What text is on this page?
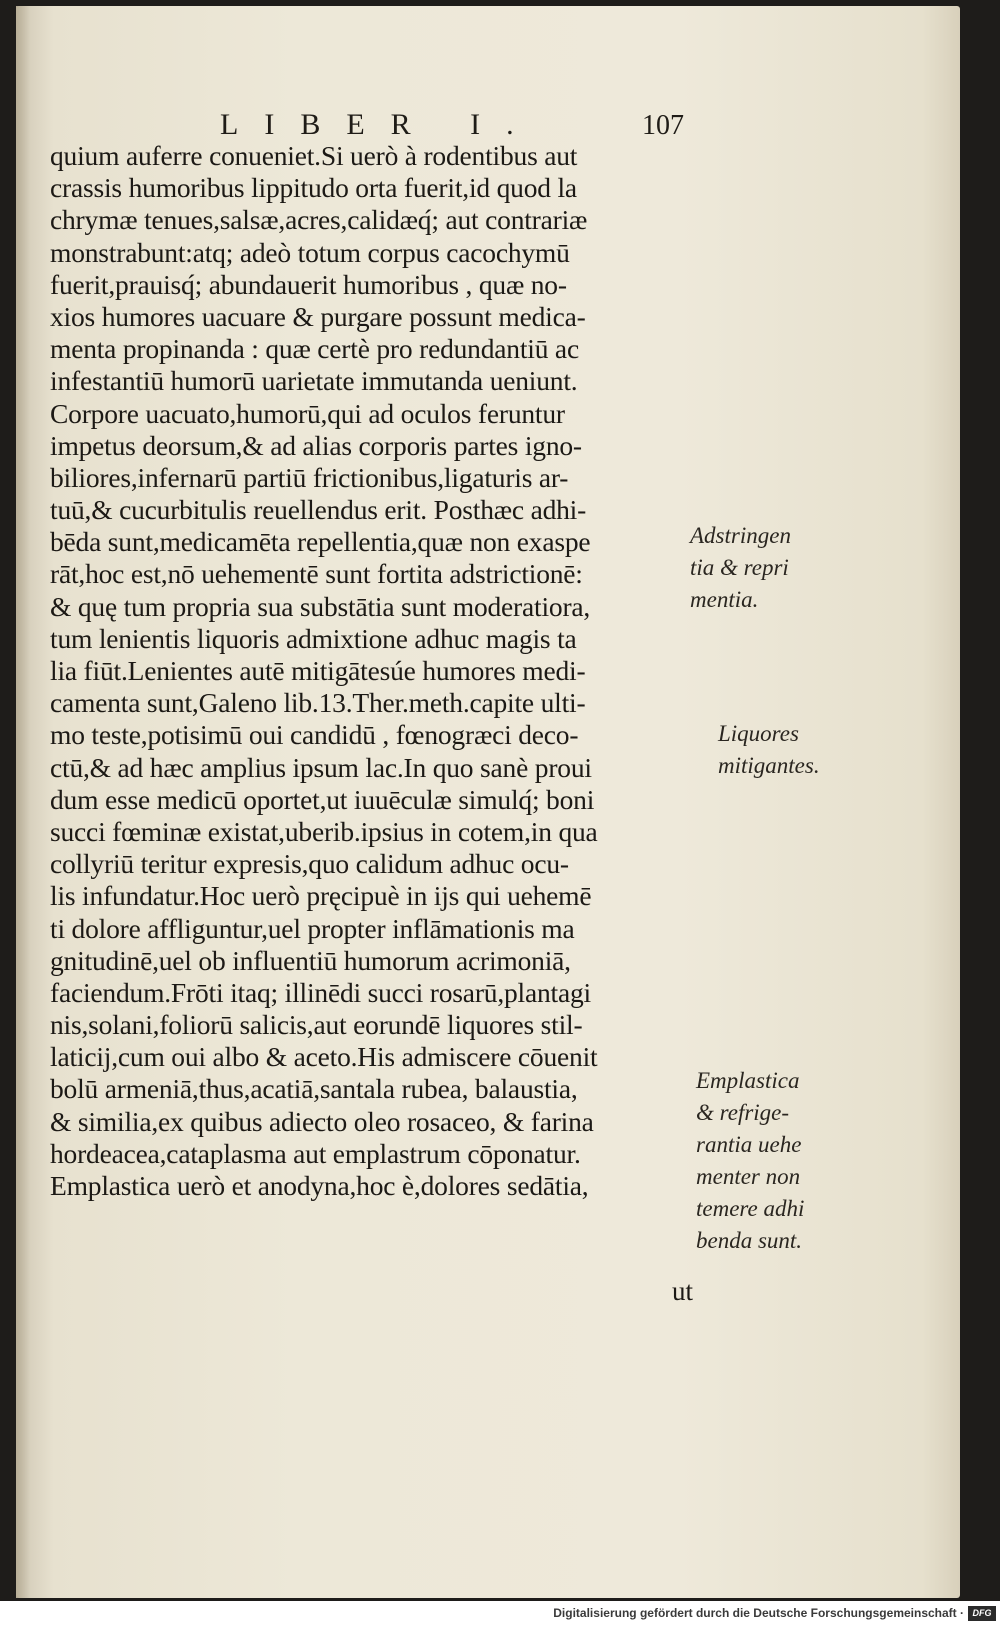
LIBER I.	107
quium auferre conueniet.Si uerò à rodentibus aut
crassis humoribus lippitudo orta fuerit,id quod la
chrymæ tenues,salsæ,acres,calidæq́; aut contrariæ
monstrabunt:atq; adeò totum corpus cacochymū
fuerit,prauisq́; abundauerit humoribus , quæ no-
xios humores uacuare & purgare possunt medica-
menta propinanda : quæ certè pro redundantiū ac
infestantiū humorū uarietate immutanda ueniunt.
Corpore uacuato,humorū,qui ad oculos feruntur
impetus deorsum,& ad alias corporis partes igno-
biliores,infernarū partiū frictionibus,ligaturis ar-
tuū,& cucurbitulis reuellendus erit. Posthæc adhi-
bēda sunt,medicamēta repellentia,quæ non exaspe
rāt,hoc est,nō uehementē sunt fortita adstrictionē:
& quę tum propria sua substātia sunt moderatiora,
tum lenientis liquoris admixtione adhuc magis ta
lia fiūt.Lenientes autē mitigātesúe humores medi-
camenta sunt,Galeno lib.13.Ther.meth.capite ulti-
mo teste,potisimū oui candidū , fœnogræci deco-
ctū,& ad hæc amplius ipsum lac.In quo sanè proui
dum esse medicū oportet,ut iuuēculæ simulq́; boni
succi fœminæ existat,uberib.ipsius in cotem,in qua
collyriū teritur expresis,quo calidum adhuc ocu-
lis infundatur.Hoc uerò pręcipuè in ijs qui uehemē
ti dolore affliguntur,uel propter inflāmationis ma
gnitudinē,uel ob influentiū humorum acrimoniā,
faciendum.Frōti itaq; illinēdi succi rosarū,plantagi
nis,solani,foliorū salicis,aut eorundē liquores stil-
laticij,cum oui albo & aceto.His admiscere cōuenit
bolū armeniā,thus,acatiā,santala rubea, balaustia,
& similia,ex quibus adiecto oleo rosaceo, & farina
hordeacea,cataplasma aut emplastrum cōponatur.
Emplastica uerò et anodyna,hoc è,dolores sedātia,
ut
Adstringen
tia & repri
mentia.
Liquores
mitigantes.
Emplastica
& refrige-
rantia uehe
menter non
temere adhi
benda sunt.
Digitalisierung gefördert durch die Deutsche Forschungsgemeinschaft · DFG
